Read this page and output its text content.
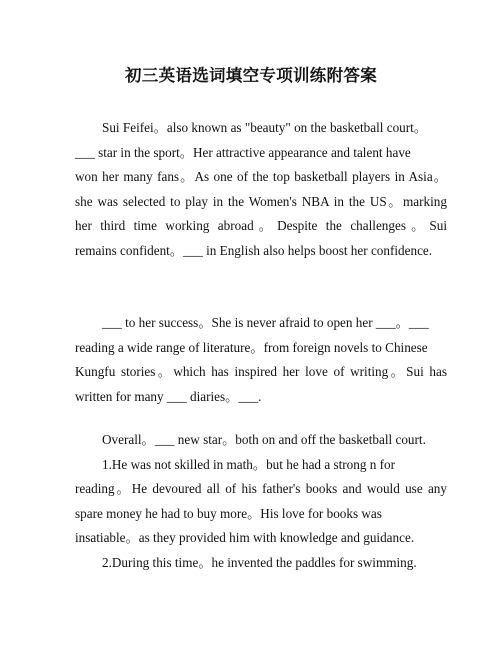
初三英语选词填空专项训练附答案

Sui Feifei。also known as "beauty" on the basketball court。
___ star in the sport。Her attractive appearance and talent have
won her many fans。As one of the top basketball players in Asia。
she was selected to play in the Women's NBA in the US。marking
her third time working abroad。Despite the challenges。Sui
remains confident。___ in English also helps boost her confidence.

___ to her success。She is never afraid to open her ___。___
reading a wide range of literature。from foreign novels to Chinese
Kungfu stories。which has inspired her love of writing。Sui has
written for many ___ diaries。___.

Overall。___ new star。both on and off the basketball court.
1.He was not skilled in math。but he had a strong n for
reading。He devoured all of his father's books and would use any
spare money he had to buy more。His love for books was
insatiable。as they provided him with knowledge and guidance.
2.During this time。he invented the paddles for swimming.
